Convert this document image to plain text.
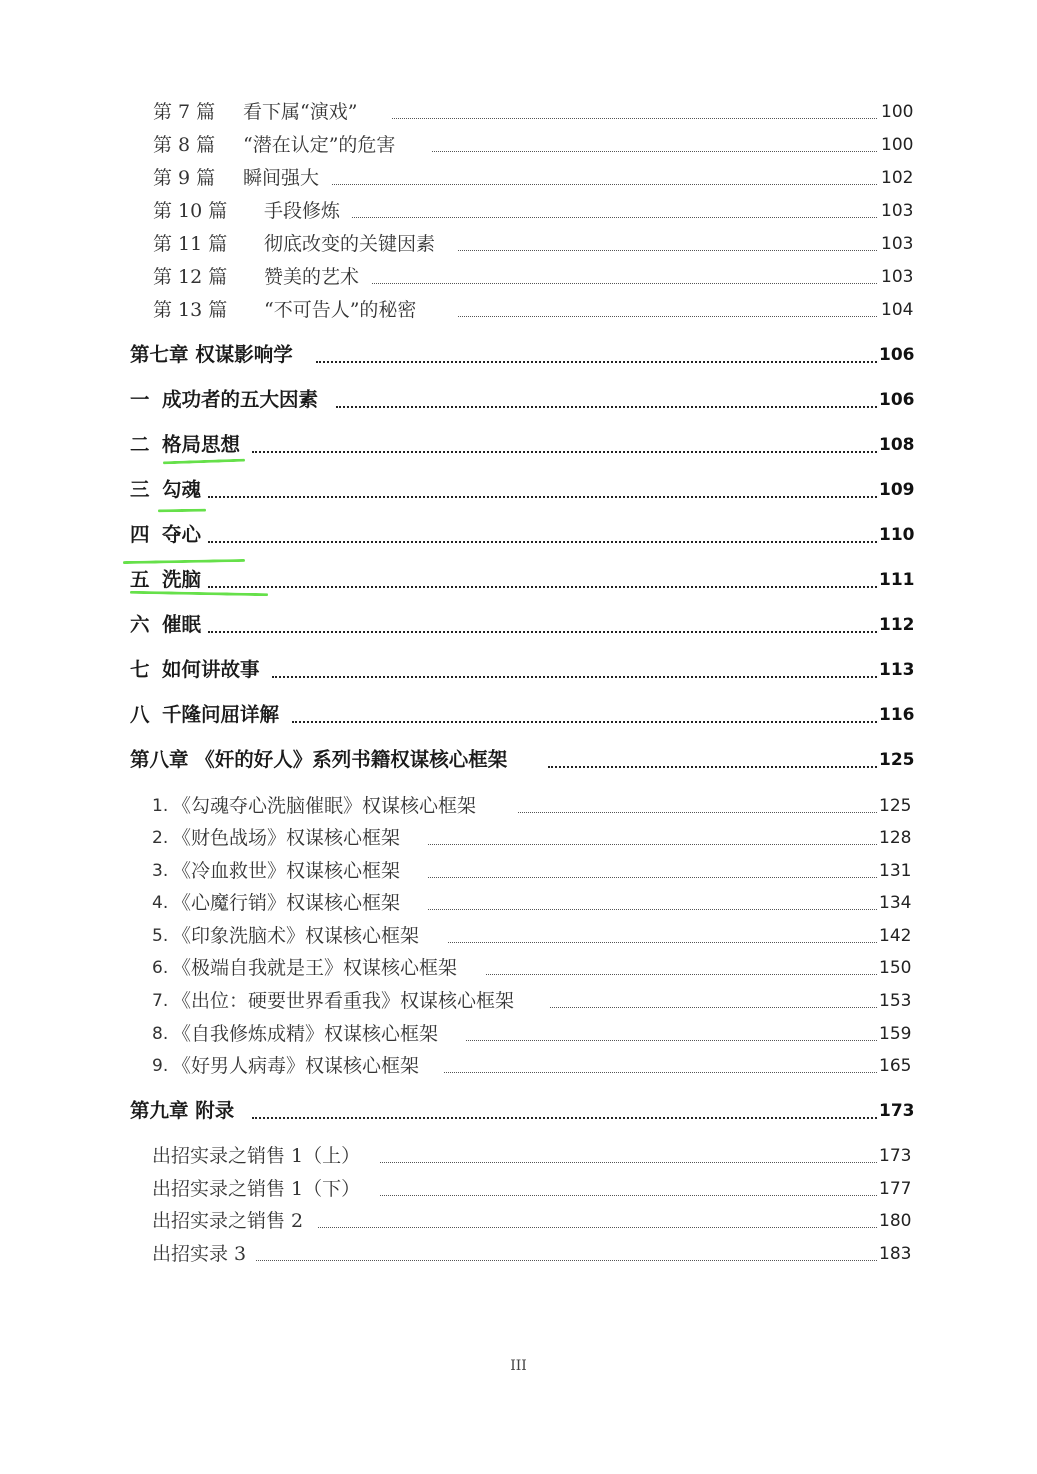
第 7 篇 看下属“演戏”	100
第 8 篇 “潜在认定”的危害	100
第 9 篇 瞬间强大	102
第 10 篇 手段修炼	103
第 11 篇 彻底改变的关键因素	103
第 12 篇 赞美的艺术	103
第 13 篇 “不可告人”的秘密	104
第七章 权谋影响学	106
一 成功者的五大因素	106
二 格局思想	108
三 勾魂	109
四 夺心	110
五 洗脑	111
六 催眠	112
七 如何讲故事	113
八 千隆问屈详解	116
第八章 《奸的好人》系列书籍权谋核心框架	125
1. 《勾魂夺心洗脑催眠》权谋核心框架	125
2. 《财色战场》权谋核心框架	128
3. 《冷血救世》权谋核心框架	131
4. 《心魔行销》权谋核心框架	134
5. 《印象洗脑术》权谋核心框架	142
6. 《极端自我就是王》权谋核心框架	150
7. 《出位：硬要世界看重我》权谋核心框架	153
8. 《自我修炼成精》权谋核心框架	159
9. 《好男人病毒》权谋核心框架	165
第九章 附录	173
出招实录之销售 1（上）	173
出招实录之销售 1（下）	177
出招实录之销售 2	180
出招实录 3	183
III
